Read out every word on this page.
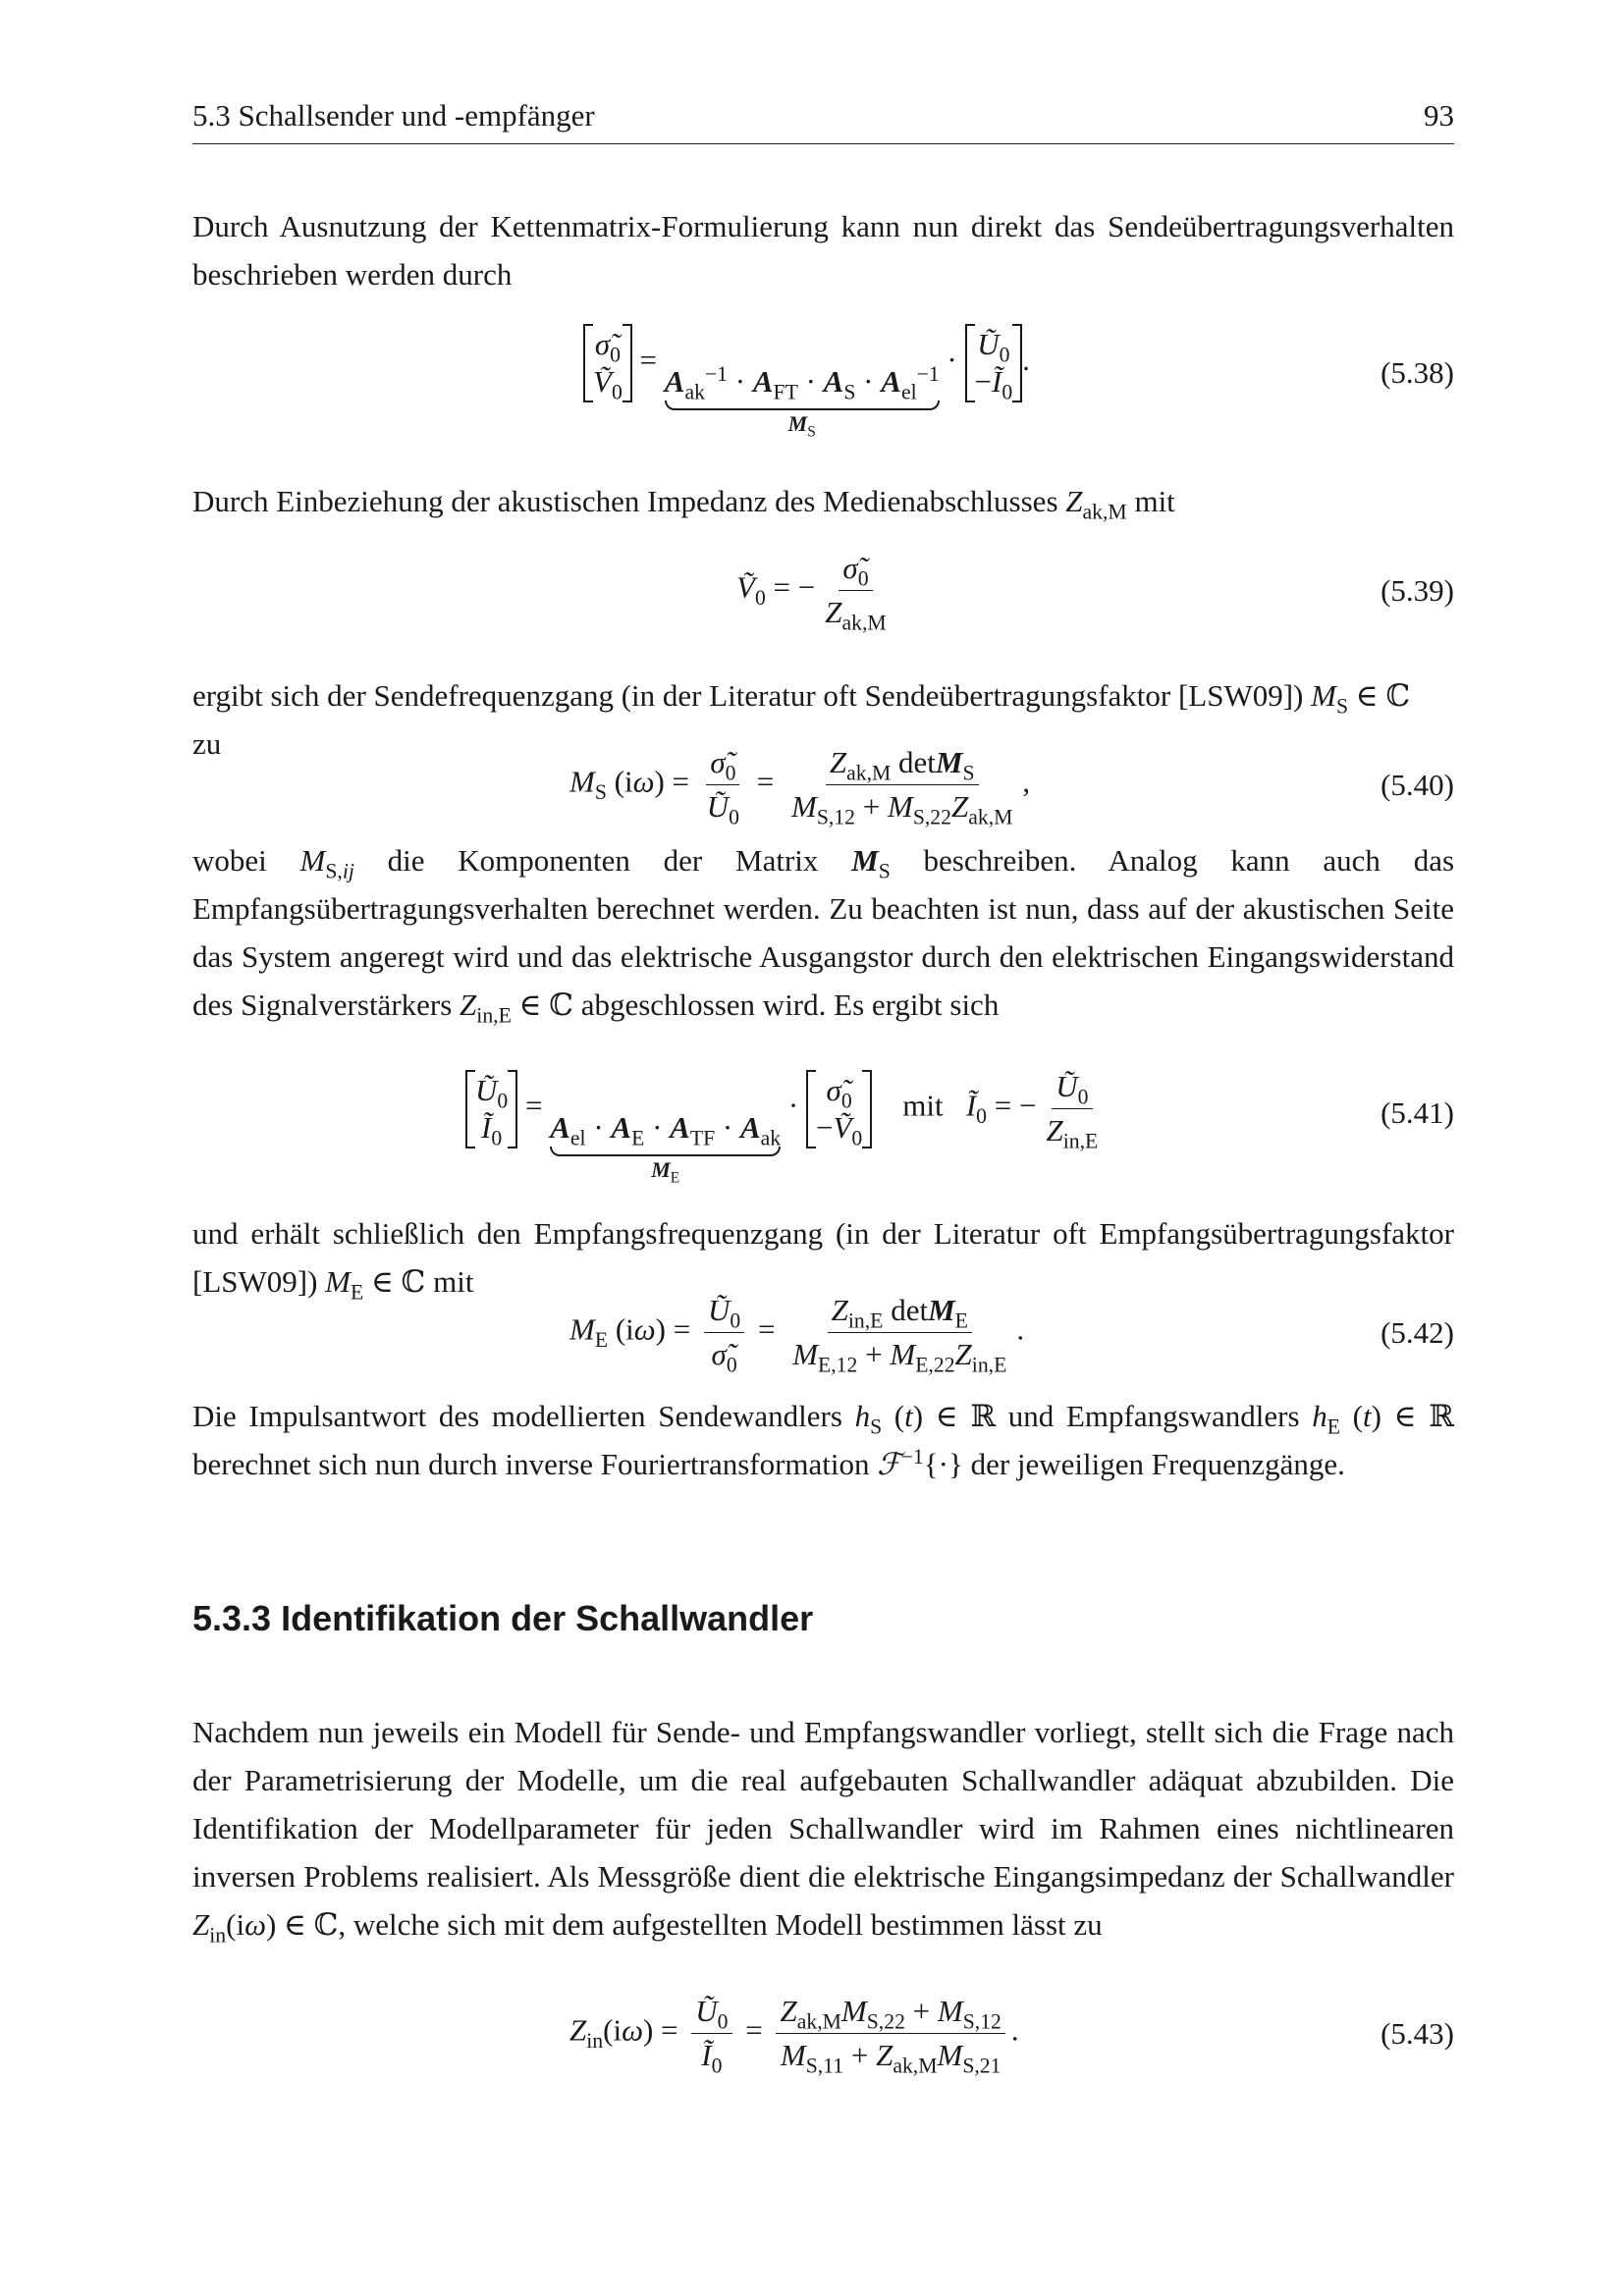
5.3 Schallsender und -empfänger	93

Durch Ausnutzung der Kettenmatrix-Formulierung kann nun direkt das Sendeübertragungsverhalten beschrieben werden durch

$\sigmã_0$
Ṽ$_0$
=
$A_{ak}^{-1} \cdot A_{FT} \cdot A_S \cdot A_{el}^{-1}$
$M_S$
· $Ũ_0$
$-Ĩ_0$
.	(5.38)

Durch Einbeziehung der akustischen Impedanz des Medienabschlusses $Z_{ak,M}$ mit

Ṽ$_0$ = − $\frac{\sigmã_0}{Z_{ak,M}}$	(5.39)

ergibt sich der Sendefrequenzgang (in der Literatur oft Sendeübertragungsfaktor [LSW09]) $M_S$ ∈ ℂ
zu

$M_S$ $(i\omega) = \frac{\sigmã_0}{Ũ_0} = \frac{Z_{ak,M} \det M_S}{M_{S,12} + M_{S,22}Z_{ak,M}}$ ,	(5.40)

wobei $M_{S,ij}$ die Komponenten der Matrix $M_S$ beschreiben. Analog kann auch das Empfangsübertragungsverhalten berechnet werden. Zu beachten ist nun, dass auf der akustischen Seite das System angeregt wird und das elektrische Ausgangstor durch den elektrischen Eingangswiderstand des Signalverstärkers $Z_{in,E}$ ∈ ℂ abgeschlossen wird. Es ergibt sich

$Ũ_0$
$Ĩ_0$
=
$A_{el} \cdot A_E \cdot A_{TF} \cdot A_{ak}$
$M_E$
· $\sigmã_0$
−Ṽ$_0$
mit $Ĩ_0$ = − $\frac{Ũ_0}{Z_{in,E}}$	(5.41)

und erhält schließlich den Empfangsfrequenzgang (in der Literatur oft Empfangsübertragungsfaktor [LSW09]) $M_E$ ∈ ℂ mit

$M_E$ $(i\omega) = \frac{Ũ_0}{\sigmã_0} = \frac{Z_{in,E} \det M_E}{M_{E,12} + M_{E,22}Z_{in,E}}$ .	(5.42)

Die Impulsantwort des modellierten Sendewandlers $h_S$ (t) ∈ ℝ und Empfangswandlers $h_E$ (t) ∈ ℝ berechnet sich nun durch inverse Fouriertransformation ℱ$^{-1}${·} der jeweiligen Frequenzgänge.

5.3.3 Identifikation der Schallwandler

Nachdem nun jeweils ein Modell für Sende- und Empfangswandler vorliegt, stellt sich die Frage nach der Parametrisierung der Modelle, um die real aufgebauten Schallwandler adäquat abzubilden. Die Identifikation der Modellparameter für jeden Schallwandler wird im Rahmen eines nichtlinearen inversen Problems realisiert. Als Messgröße dient die elektrische Eingangsimpedanz der Schallwandler $Z_{in}(i\omega)$ ∈ ℂ, welche sich mit dem aufgestellten Modell bestimmen lässt zu

$Z_{in}(i\omega) = \frac{Ũ_0}{Ĩ_0} = \frac{Z_{ak,M}M_{S,22} + M_{S,12}}{M_{S,11} + Z_{ak,M}M_{S,21}}$ .	(5.43)
